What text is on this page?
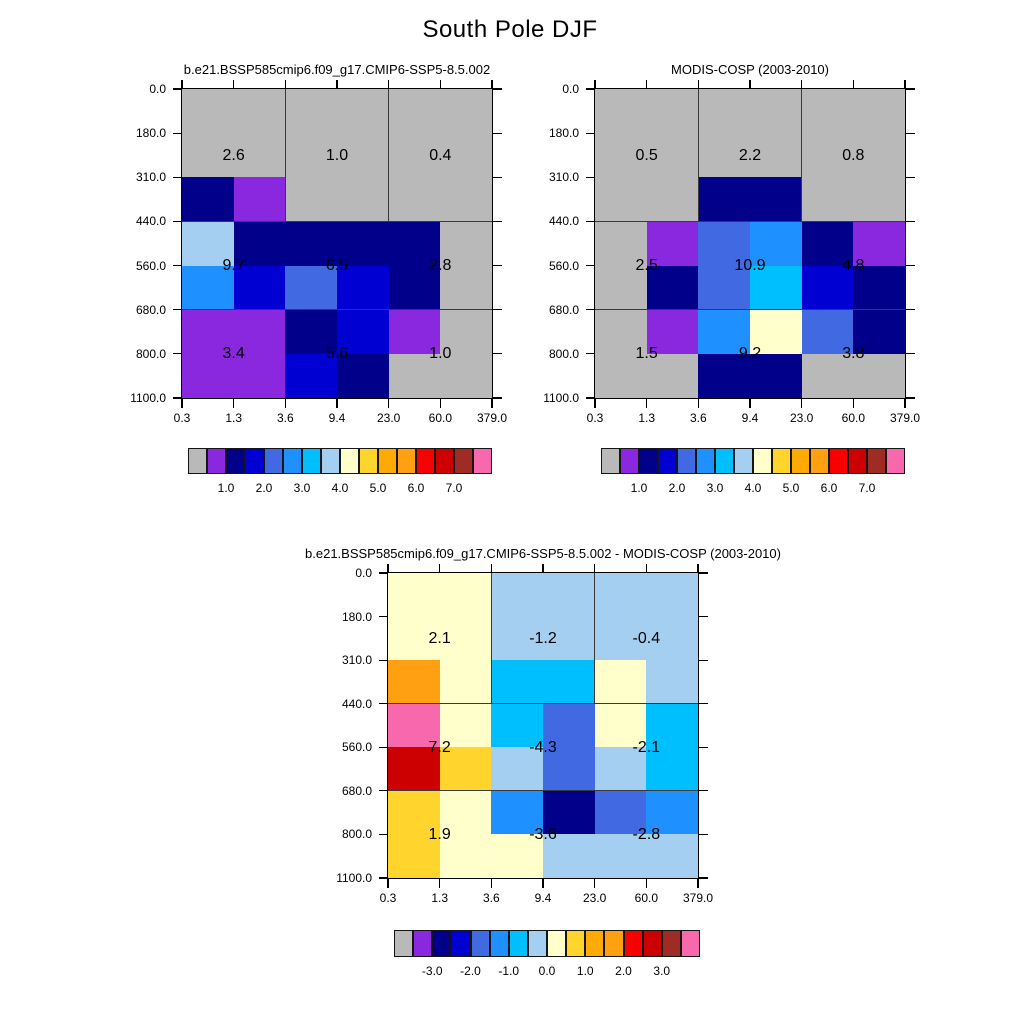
South Pole DJF
b.e21.BSSP585cmip6.f09_g17.CMIP6-SSP5-8.5.002	MODIS-COSP (2003-2010)
b.e21.BSSP585cmip6.f09_g17.CMIP6-SSP5-8.5.002 - MODIS-COSP (2003-2010)
0.0
180.0
310.0
440.0
560.0
680.0
800.0
1100.0
0.3	1.3	3.6	9.4	23.0	60.0	379.0
2.6	1.0	0.4
9.7	6.5	2.8
3.4	5.6	1.0
1.0	2.0	3.0	4.0	5.0	6.0	7.0
0.0
180.0
310.0
440.0
560.0
680.0
800.0
1100.0
0.3	1.3	3.6	9.4	23.0	60.0	379.0
0.5	2.2	0.8
2.5	10.9	4.8
1.5	9.2	3.8
1.0	2.0	3.0	4.0	5.0	6.0	7.0
0.0
180.0
310.0
440.0
560.0
680.0
800.0
1100.0
0.3	1.3	3.6	9.4	23.0	60.0	379.0
2.1	-1.2	-0.4
7.2	-4.3	-2.1
1.9	-3.6	-2.8
-3.0	-2.0	-1.0	0.0	1.0	2.0	3.0
